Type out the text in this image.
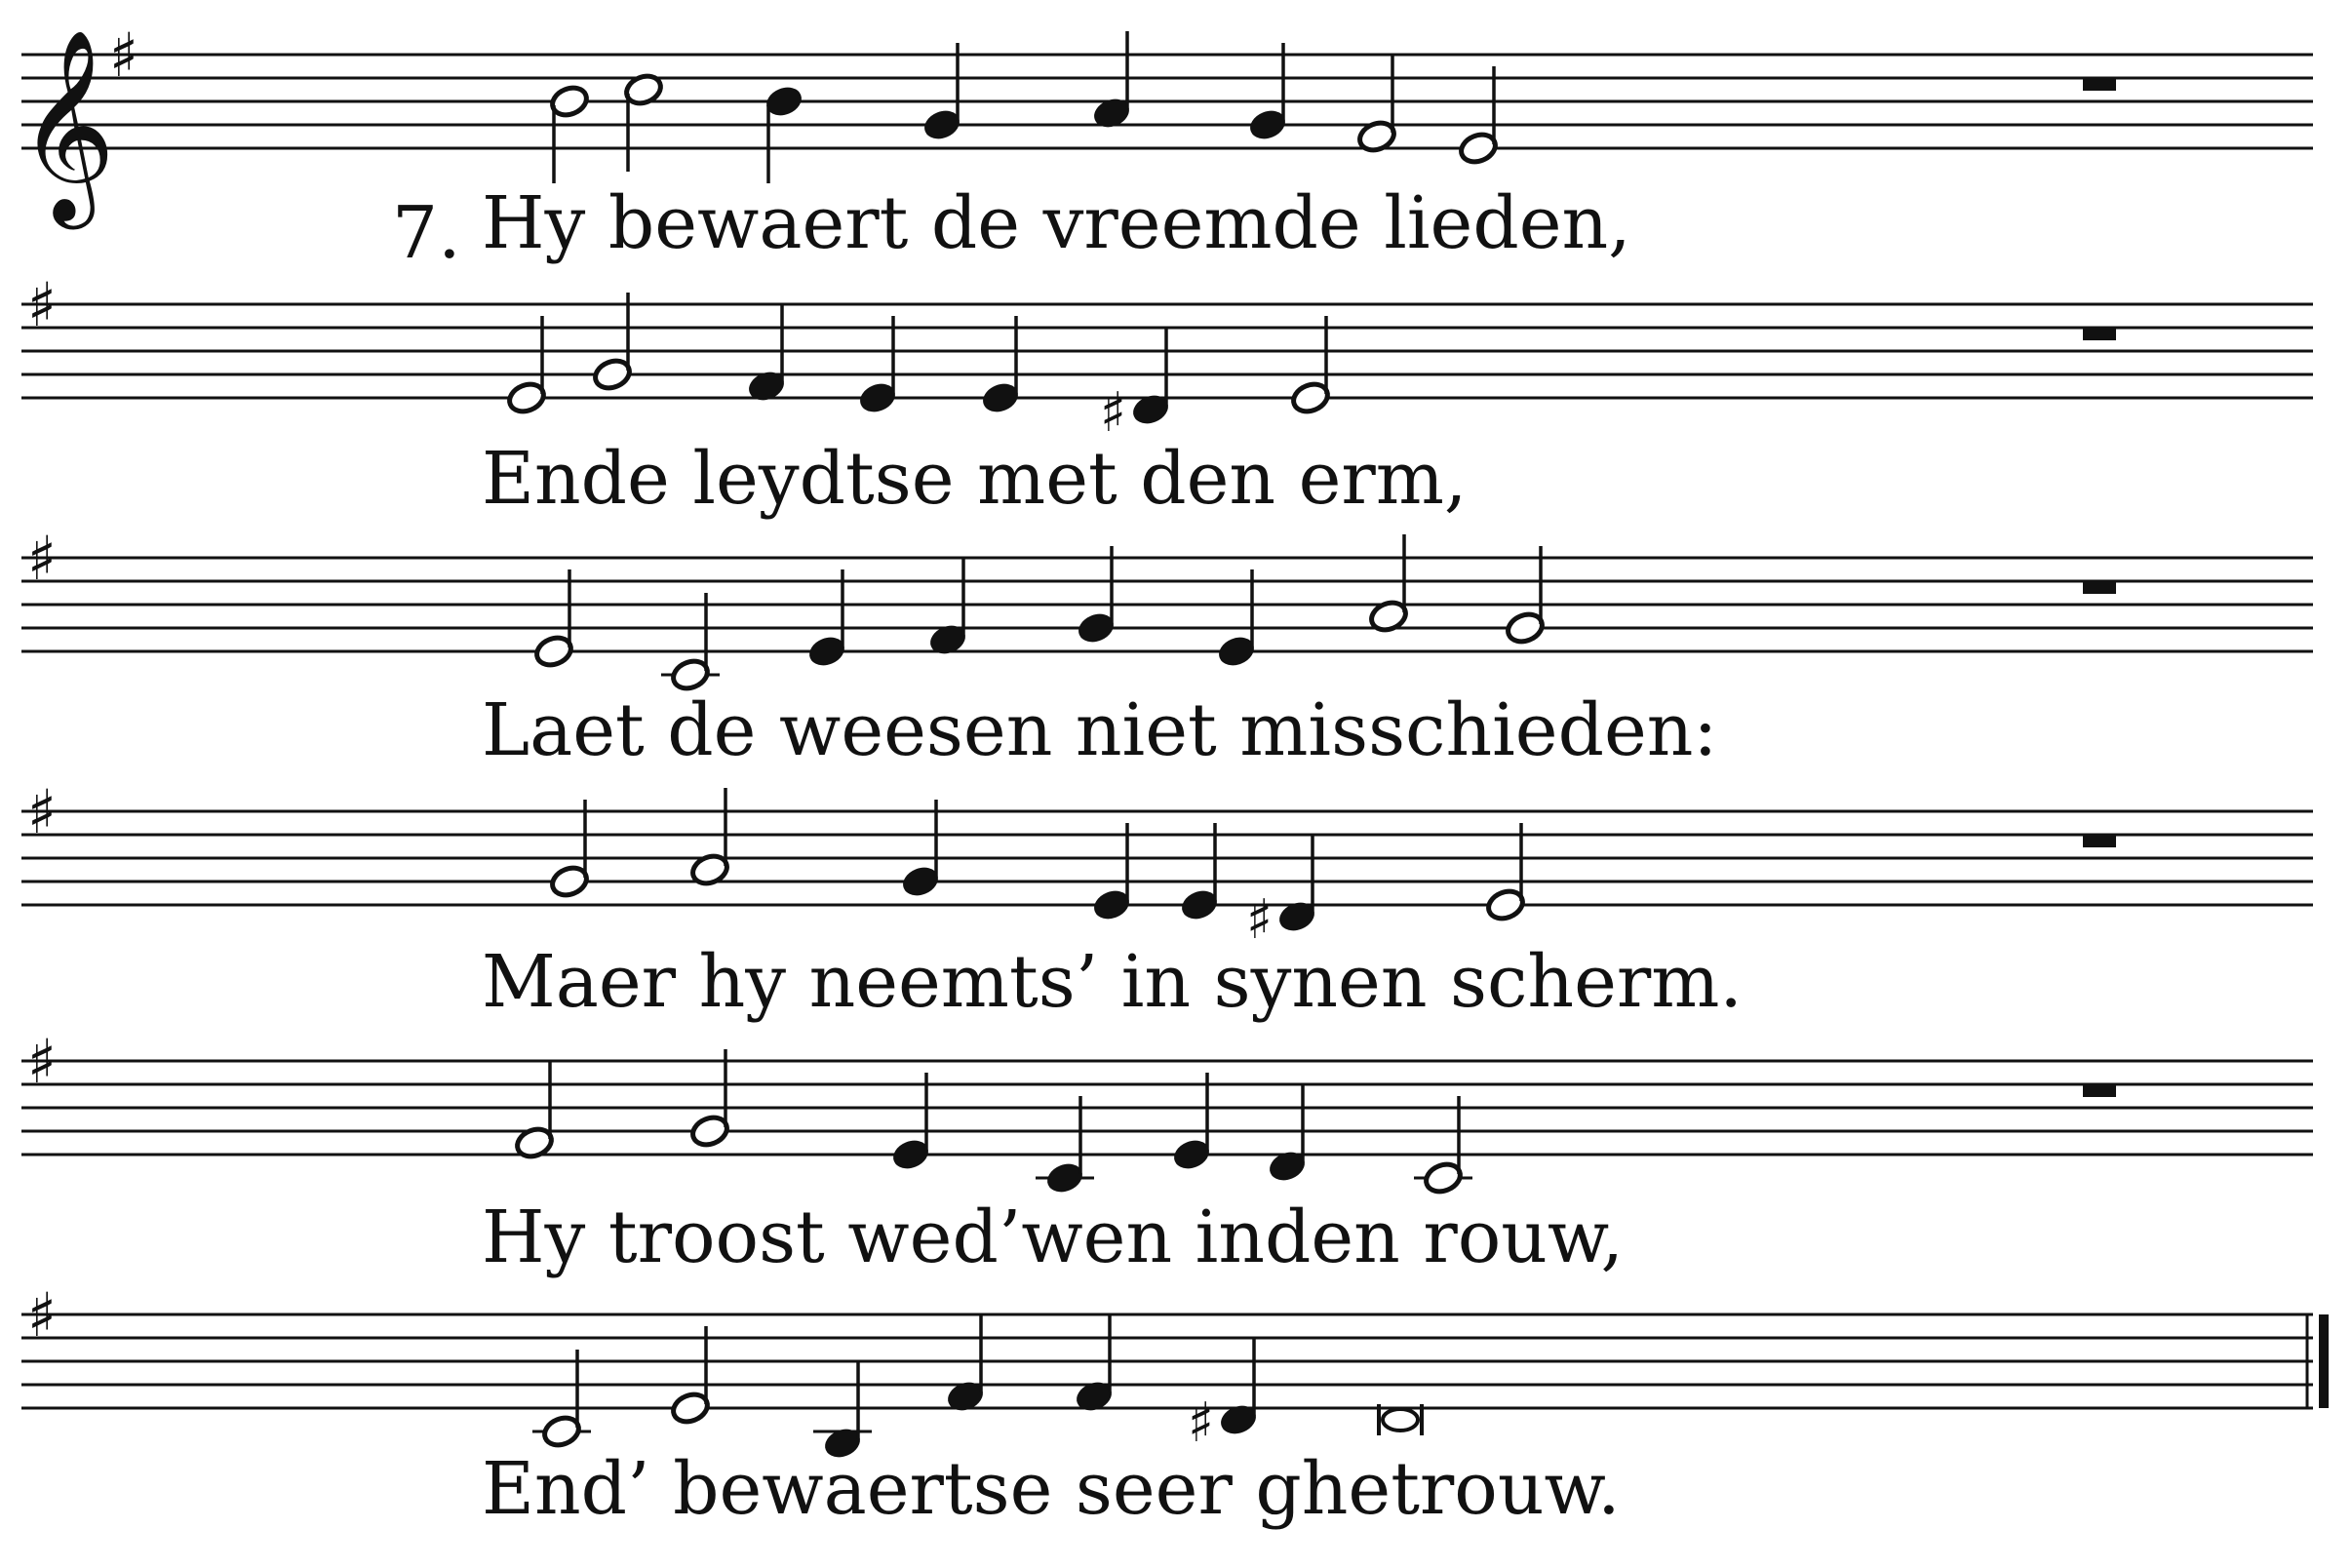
𝄞
♯
♯
♯
♯
♯
♯
♯
♯
♯
7. Hy bewaert de vreemde lieden,
Ende leydtse met den erm,
Laet de weesen niet misschieden:
Maer hy neemts’ in synen scherm.
Hy troost wed’wen inden rouw,
End’ bewaertse seer ghetrouw.
